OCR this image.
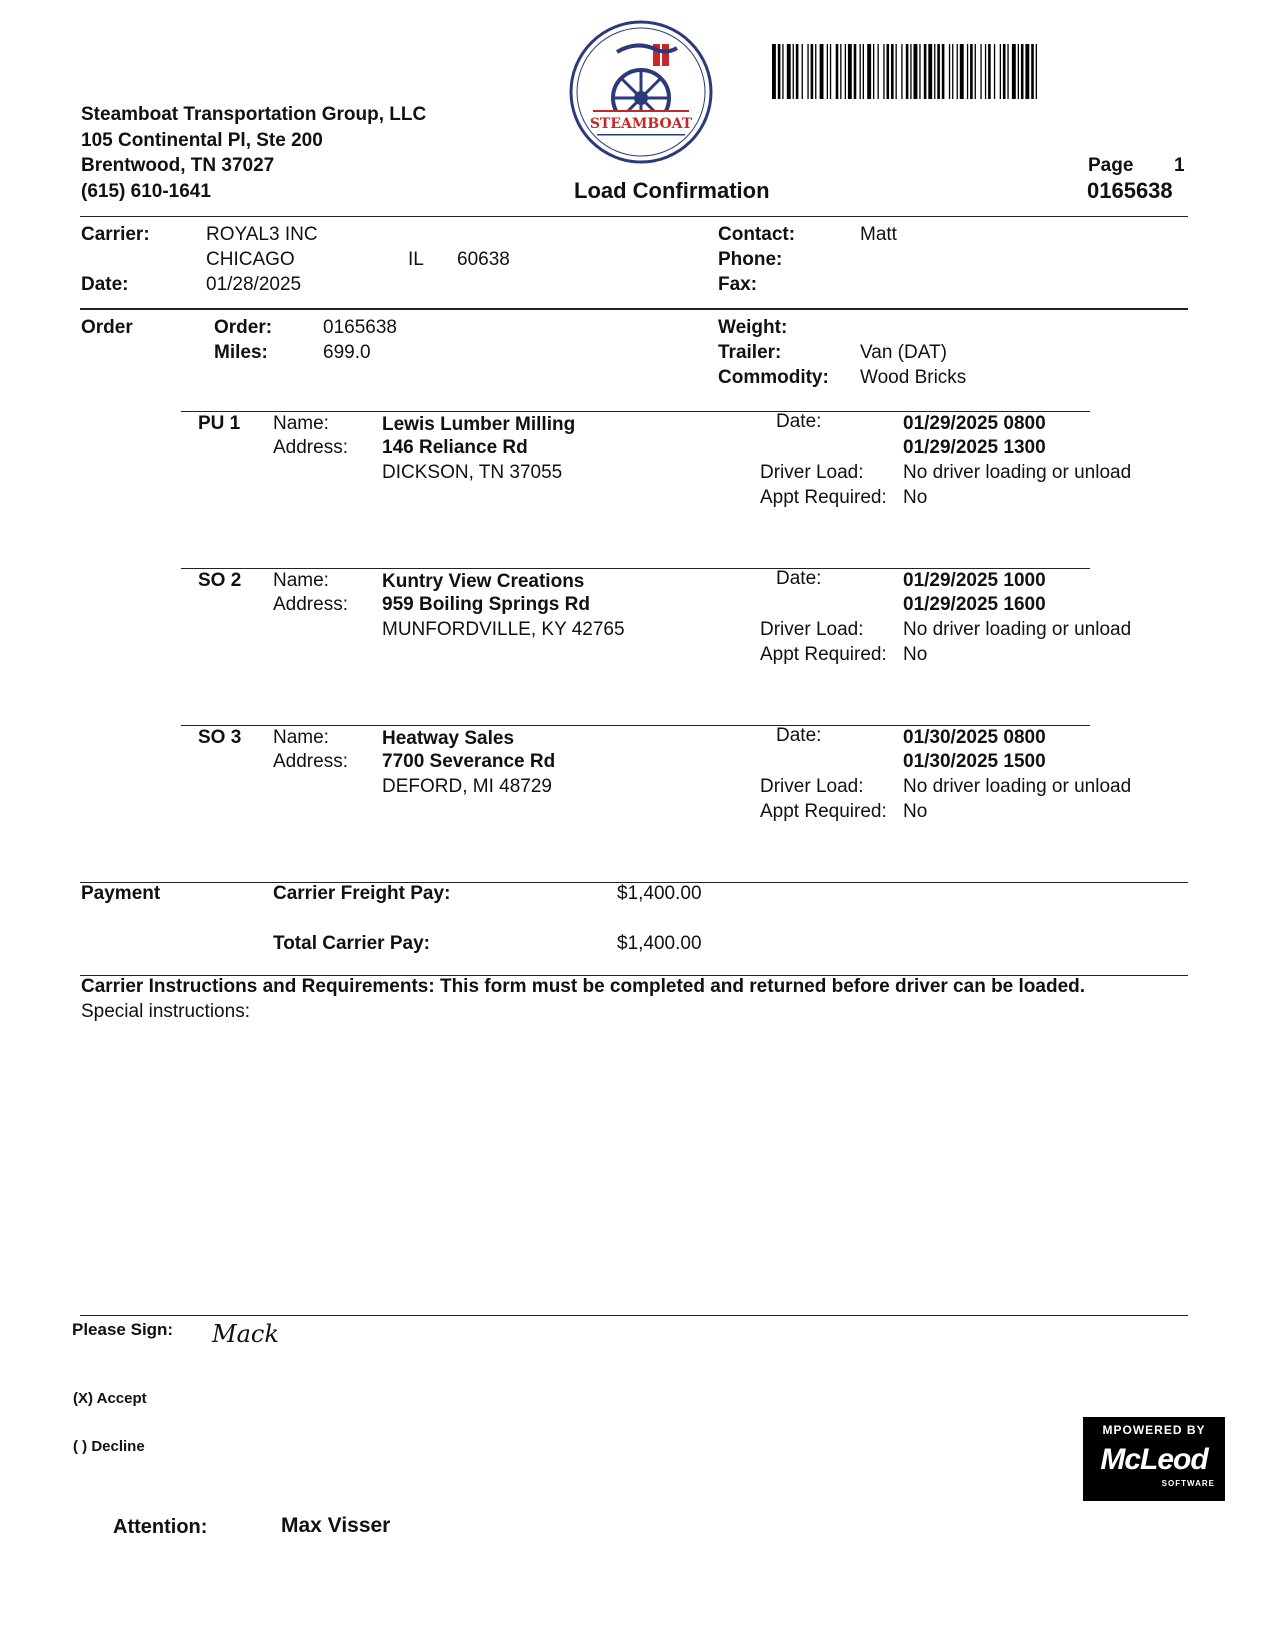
STEAMBOAT
Steamboat Transportation Group, LLC
105 Continental Pl, Ste 200
Brentwood, TN 37027
(615) 610-1641	Load Confirmation
Page 1
0165638
Carrier:	ROYAL3 INC
CHICAGO	IL 60638
Date:	01/28/2025
Contact:	Matt
Phone:
Fax:
Order	Order:	0165638
Miles:	699.0
Weight:
Trailer:	Van (DAT)
Commodity: Wood Bricks
PU 1 Name:	Lewis Lumber Milling
Address: 146 Reliance Rd
DICKSON, TN 37055
Date:	01/29/2025 0800
01/29/2025 1300
Driver Load: No driver loading or unload
Appt Required: No
SO 2 Name:	Kuntry View Creations
Address: 959 Boiling Springs Rd
MUNFORDVILLE, KY 42765
Date:	01/29/2025 1000
01/29/2025 1600
Driver Load: No driver loading or unload
Appt Required: No
SO 3 Name:	Heatway Sales
Address: 7700 Severance Rd
DEFORD, MI 48729
Date:	01/30/2025 0800
01/30/2025 1500
Driver Load: No driver loading or unload
Appt Required: No
Payment	Carrier Freight Pay:	$1,400.00
Total Carrier Pay:	$1,400.00
Carrier Instructions and Requirements: This form must be completed and returned before driver can be loaded.
Special instructions:
Please Sign: Mack
(X) Accept
( ) Decline
Attention:	Max Visser
MPOWERED BY
McLeod
SOFTWARE
